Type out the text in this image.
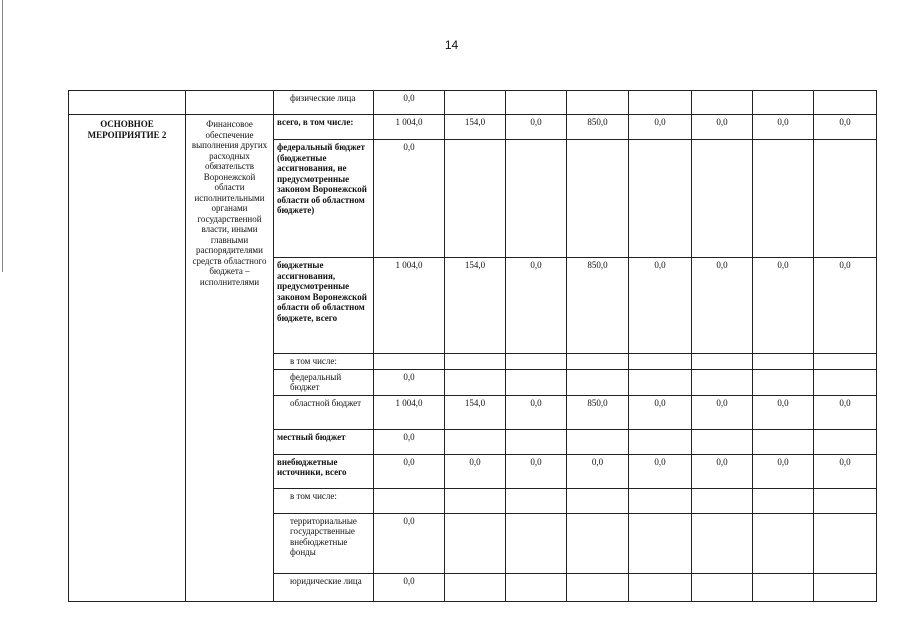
14
		физические лица	0,0							
ОСНОВНОЕ МЕРОПРИЯТИЕ 2	Финансовое обеспечение выполнения других расходных обязательств Воронежской области исполнительными органами государственной власти, иными главными распорядителями средств областного бюджета – исполнителями	всего, в том числе:	1 004,0	154,0	0,0	850,0	0,0	0,0	0,0	0,0
		федеральный бюджет (бюджетные ассигнования, не предусмотренные законом Воронежской области об областном бюджете)	0,0							
		бюджетные ассигнования, предусмотренные законом Воронежской области об областном бюджете, всего	1 004,0	154,0	0,0	850,0	0,0	0,0	0,0	0,0
		в том числе:								
		федеральный бюджет	0,0							
		областной бюджет	1 004,0	154,0	0,0	850,0	0,0	0,0	0,0	0,0
		местный бюджет	0,0							
		внебюджетные источники, всего	0,0	0,0	0,0	0,0	0,0	0,0	0,0	0,0
		в том числе:								
		территориальные государственные внебюджетные фонды	0,0							
		юридические лица	0,0							
